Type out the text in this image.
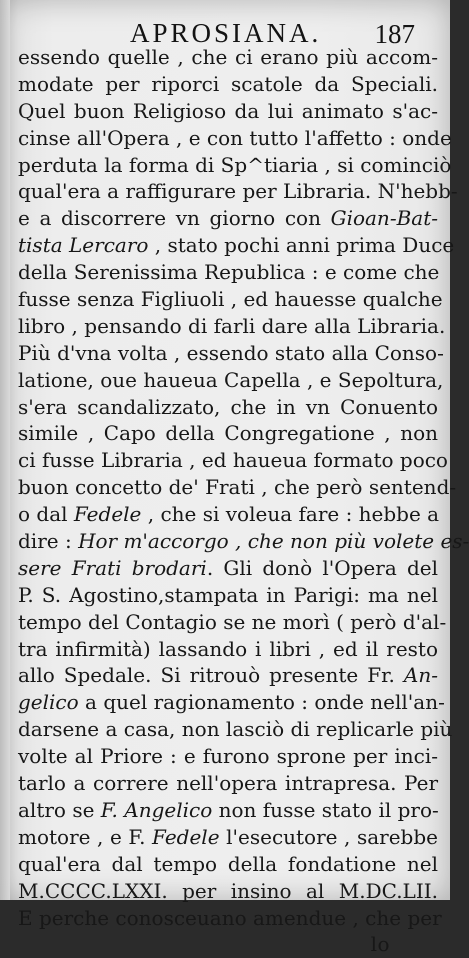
APROSIANA. 187
essendo quelle , che ci erano più accom-
modate per riporci scatole da Speciali.
Quel buon Religioso da lui animato s'ac-
cinse all'Opera , e con tutto l'affetto : onde
perduta la forma di Sp^tiaria , si cominciò
qual'era a raffigurare per Libraria. N'hebb-
e a discorrere vn giorno con Gioan-Bat-
tista Lercaro , stato pochi anni prima Duce
della Serenissima Republica : e come che
fusse senza Figliuoli , ed hauesse qualche
libro , pensando di farli dare alla Libraria.
Più d'vna volta , essendo stato alla Conso-
latione, oue haueua Capella , e Sepoltura,
s'era scandalizzato, che in vn Conuento
simile , Capo della Congregatione , non
ci fusse Libraria , ed haueua formato poco
buon concetto de' Frati , che però sentend-
o dal Fedele , che si voleua fare : hebbe a
dire : Hor m'accorgo , che non più volete es-
sere Frati brodari. Gli donò l'Opera del
P. S. Agostino,stampata in Parigi: ma nel
tempo del Contagio se ne morì ( però d'al-
tra infirmità) lassando i libri , ed il resto
allo Spedale. Si ritrouò presente Fr. An-
gelico a quel ragionamento : onde nell'an-
darsene a casa, non lasciò di replicarle più
volte al Priore : e furono sprone per inci-
tarlo a correre nell'opera intrapresa. Per
altro se F. Angelico non fusse stato il pro-
motore , e F. Fedele l'esecutore , sarebbe
qual'era dal tempo della fondatione nel
M.CCCC.LXXI. per insino al M.DC.LII.
E perche conosceuano amendue , che per
lo
